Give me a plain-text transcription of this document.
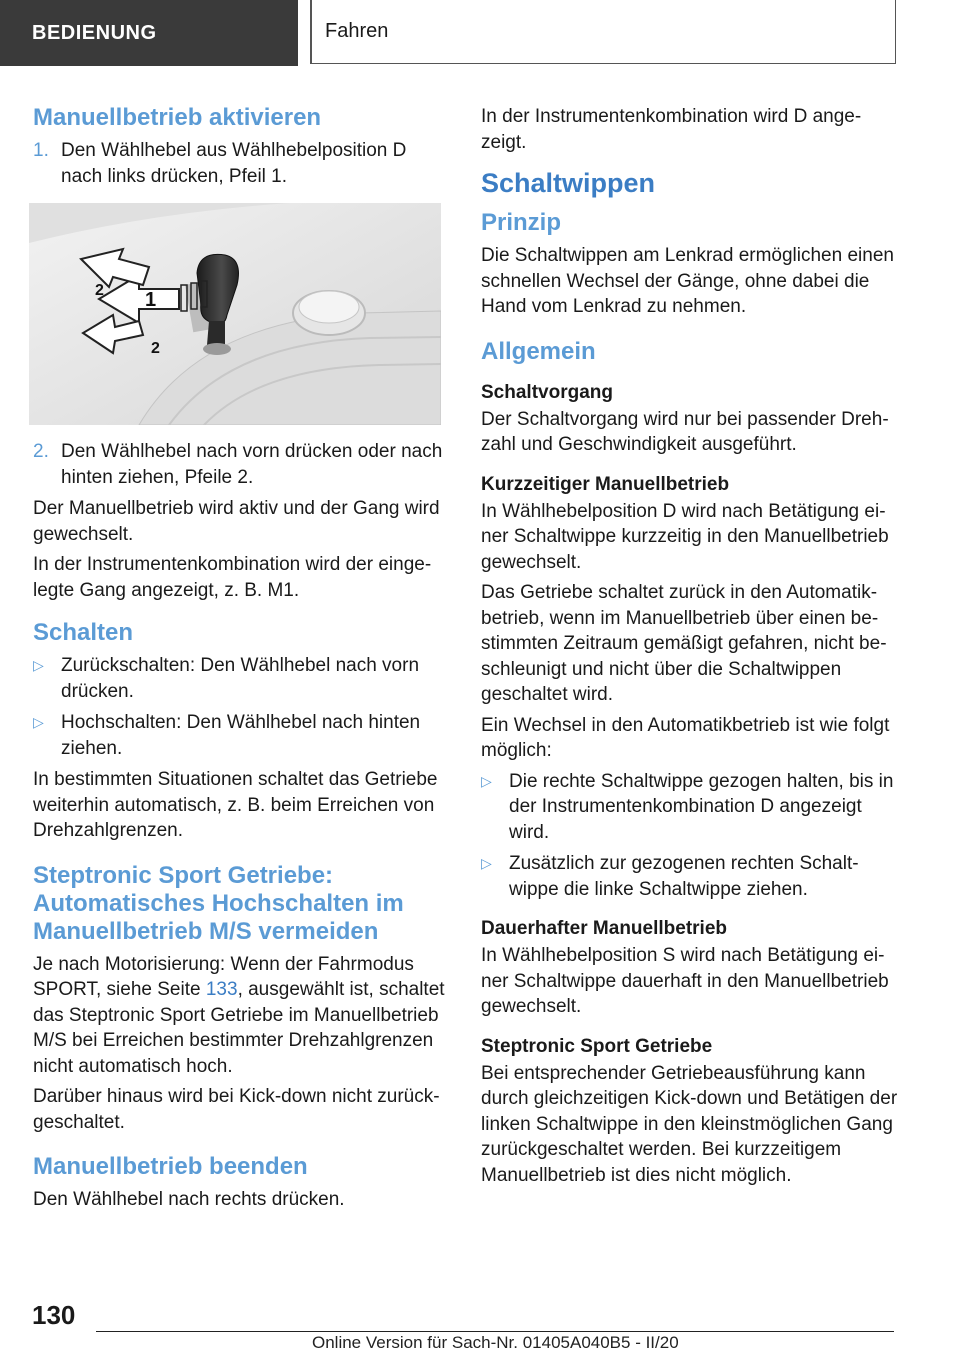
BEDIENUNG	Fahren
Manuellbetrieb aktivieren
1. Den Wählhebel aus Wählhebelposition D nach links drücken, Pfeil 1.
1
2
2
2. Den Wählhebel nach vorn drücken oder nach hinten ziehen, Pfeile 2.

Der Manuellbetrieb wird aktiv und der Gang wird gewechselt.

In der Instrumentenkombination wird der eingelegte Gang angezeigt, z. B. M1.

Schalten
▷ Zurückschalten: Den Wählhebel nach vorn drücken.
▷ Hochschalten: Den Wählhebel nach hinten ziehen.

In bestimmten Situationen schaltet das Getriebe weiterhin automatisch, z. B. beim Erreichen von Drehzahlgrenzen.

Steptronic Sport Getriebe: Automatisches Hochschalten im Manuellbetrieb M/S vermeiden

Je nach Motorisierung: Wenn der Fahrmodus SPORT, siehe Seite 133, ausgewählt ist, schaltet das Steptronic Sport Getriebe im Manuellbetrieb M/S bei Erreichen bestimmter Drehzahlgrenzen nicht automatisch hoch.

Darüber hinaus wird bei Kick-down nicht zurückgeschaltet.

Manuellbetrieb beenden

Den Wählhebel nach rechts drücken.

In der Instrumentenkombination wird D angezeigt.

Schaltwippen
Prinzip

Die Schaltwippen am Lenkrad ermöglichen einen schnellen Wechsel der Gänge, ohne dabei die Hand vom Lenkrad zu nehmen.

Allgemein
Schaltvorgang

Der Schaltvorgang wird nur bei passender Drehzahl und Geschwindigkeit ausgeführt.

Kurzzeitiger Manuellbetrieb

In Wählhebelposition D wird nach Betätigung einer Schaltwippe kurzzeitig in den Manuellbetrieb gewechselt.

Das Getriebe schaltet zurück in den Automatikbetrieb, wenn im Manuellbetrieb über einen bestimmten Zeitraum gemäßigt gefahren, nicht beschleunigt und nicht über die Schaltwippen geschaltet wird.

Ein Wechsel in den Automatikbetrieb ist wie folgt möglich:

▷ Die rechte Schaltwippe gezogen halten, bis in der Instrumentenkombination D angezeigt wird.
▷ Zusätzlich zur gezogenen rechten Schaltwippe die linke Schaltwippe ziehen.
Dauerhafter Manuellbetrieb

In Wählhebelposition S wird nach Betätigung einer Schaltwippe dauerhaft in den Manuellbetrieb gewechselt.

Steptronic Sport Getriebe

Bei entsprechender Getriebeausführung kann durch gleichzeitigen Kick-down und Betätigen der linken Schaltwippe in den kleinstmöglichen Gang zurückgeschaltet werden. Bei kurzzeitigem Manuellbetrieb ist dies nicht möglich.

130
Online Version für Sach-Nr. 01405A040B5 - II/20
